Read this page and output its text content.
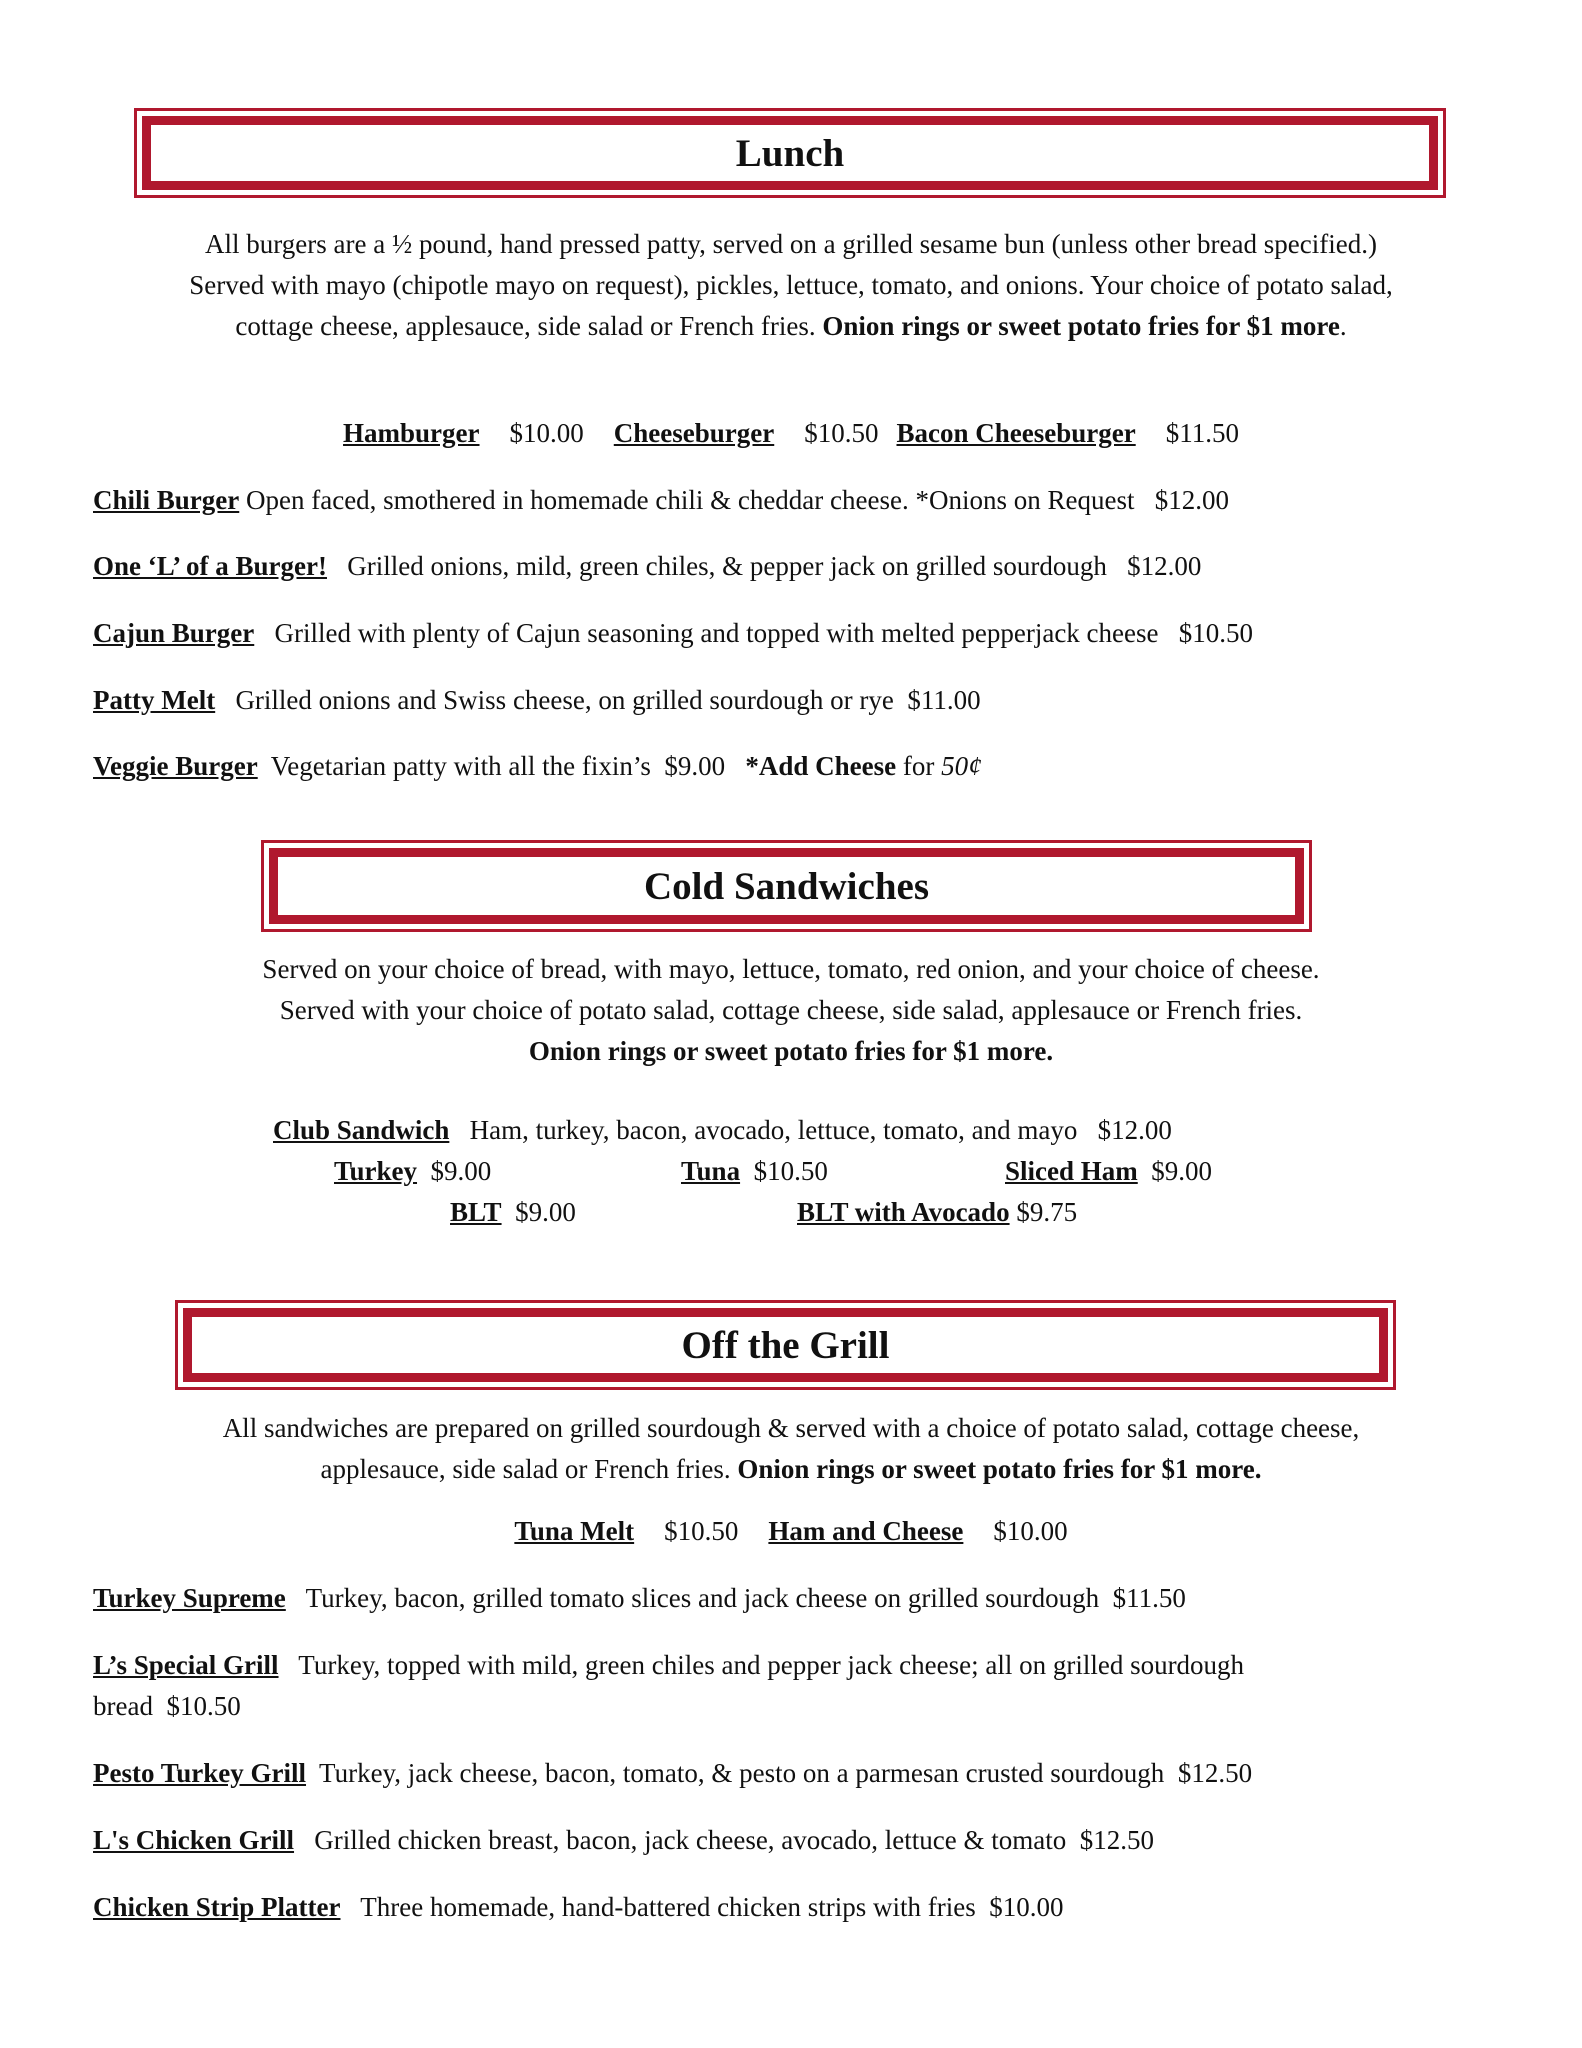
Lunch
All burgers are a ½ pound, hand pressed patty, served on a grilled sesame bun (unless other bread specified.)
Served with mayo (chipotle mayo on request), pickles, lettuce, tomato, and onions. Your choice of potato salad,
cottage cheese, applesauce, side salad or French fries. Onion rings or sweet potato fries for $1 more.
Hamburger $10.00 Cheeseburger $10.50 Bacon Cheeseburger $11.50
Chili Burger Open faced, smothered in homemade chili & cheddar cheese. *Onions on Request $12.00
One ‘L’ of a Burger! Grilled onions, mild, green chiles, & pepper jack on grilled sourdough $12.00
Cajun Burger Grilled with plenty of Cajun seasoning and topped with melted pepperjack cheese $10.50
Patty Melt Grilled onions and Swiss cheese, on grilled sourdough or rye $11.00
Veggie Burger Vegetarian patty with all the fixin’s $9.00 *Add Cheese for 50¢
Cold Sandwiches
Served on your choice of bread, with mayo, lettuce, tomato, red onion, and your choice of cheese.
Served with your choice of potato salad, cottage cheese, side salad, applesauce or French fries.
Onion rings or sweet potato fries for $1 more.
Club Sandwich Ham, turkey, bacon, avocado, lettuce, tomato, and mayo $12.00
Turkey $9.00	Tuna $10.50	Sliced Ham $9.00
BLT $9.00	BLT with Avocado $9.75
Off the Grill
All sandwiches are prepared on grilled sourdough & served with a choice of potato salad, cottage cheese,
applesauce, side salad or French fries. Onion rings or sweet potato fries for $1 more.
Tuna Melt $10.50 Ham and Cheese $10.00
Turkey Supreme Turkey, bacon, grilled tomato slices and jack cheese on grilled sourdough $11.50
L’s Special Grill Turkey, topped with mild, green chiles and pepper jack cheese; all on grilled sourdough
bread $10.50
Pesto Turkey Grill Turkey, jack cheese, bacon, tomato, & pesto on a parmesan crusted sourdough $12.50
L's Chicken Grill Grilled chicken breast, bacon, jack cheese, avocado, lettuce & tomato $12.50
Chicken Strip Platter Three homemade, hand-battered chicken strips with fries $10.00
